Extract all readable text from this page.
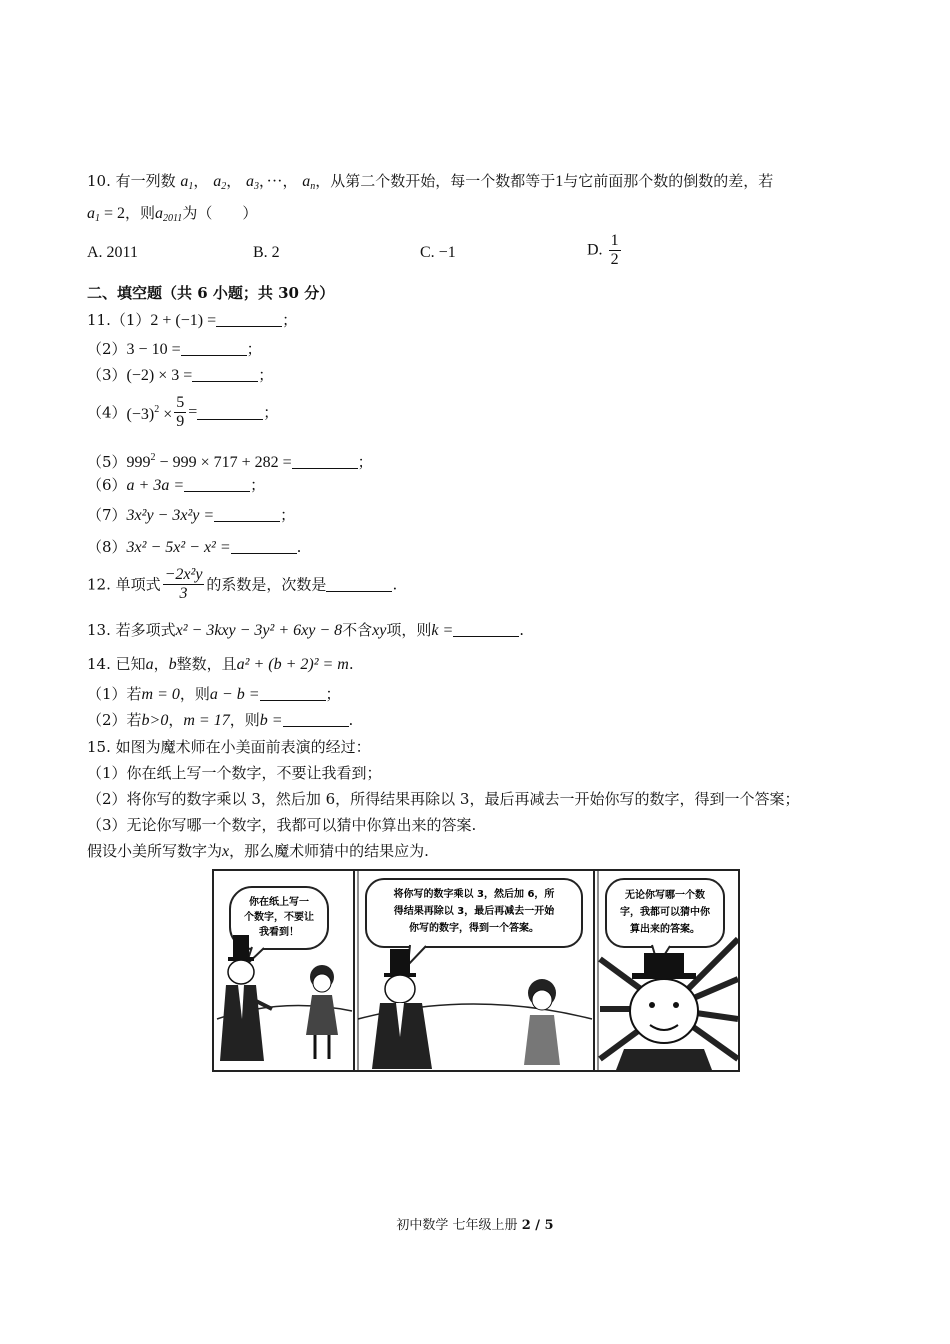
10. 有一列数 $a_1$， $a_2$， $a_3$，···， $a_n$，从第二个数开始，每一个数都等于1与它前面那个数的倒数的差，若
$a_1 = 2$，则$a_{2011}$为（　　）
A. 2011	B. 2	C. −1	D. $\frac{1}{2}$
二、填空题（共 6 小题；共 30 分）
11.（1）2 + (−1) =	；
（2）3 − 10 =	；
（3）(−2) × 3 =	；
$(4)(-3)^2 \times \frac{5}{9}$ =	；
$(5)999^2 - 999 \times 717 + 282$ =	；
（6）a + 3a =	；
（7）3x²y − 3x²y =	；
（8）3x² − 5x² − x² =	.
12. 单项式 $\frac{\text{−2x²y}}{3}$ 的系数是，次数是	.
13. 若多项式x² − 3kxy − 3y² + 6xy − 8不含xy项，则k =	.
14. 已知a，b整数，且a² + (b + 2)² = m.
（1）若m = 0，则a − b =	；
（2）若b>0，m = 17，则b =	.
15. 如图为魔术师在小美面前表演的经过：
（1）你在纸上写一个数字，不要让我看到；
（2）将你写的数字乘以 3，然后加 6，所得结果再除以 3，最后再减去一开始你写的数字，得到一个答案；
（3）无论你写哪一个数字，我都可以猜中你算出来的答案.
假设小美所写数字为x，那么魔术师猜中的结果应为.
你在纸上写一
个数字，不要让
我看到！
将你写的数字乘以 3，然后加 6，所
得结果再除以 3，最后再减去一开始
你写的数字，得到一个答案。
无论你写哪一个数
字，我都可以猜中你
算出来的答案。
初中数学 七年级上册 2 / 5
